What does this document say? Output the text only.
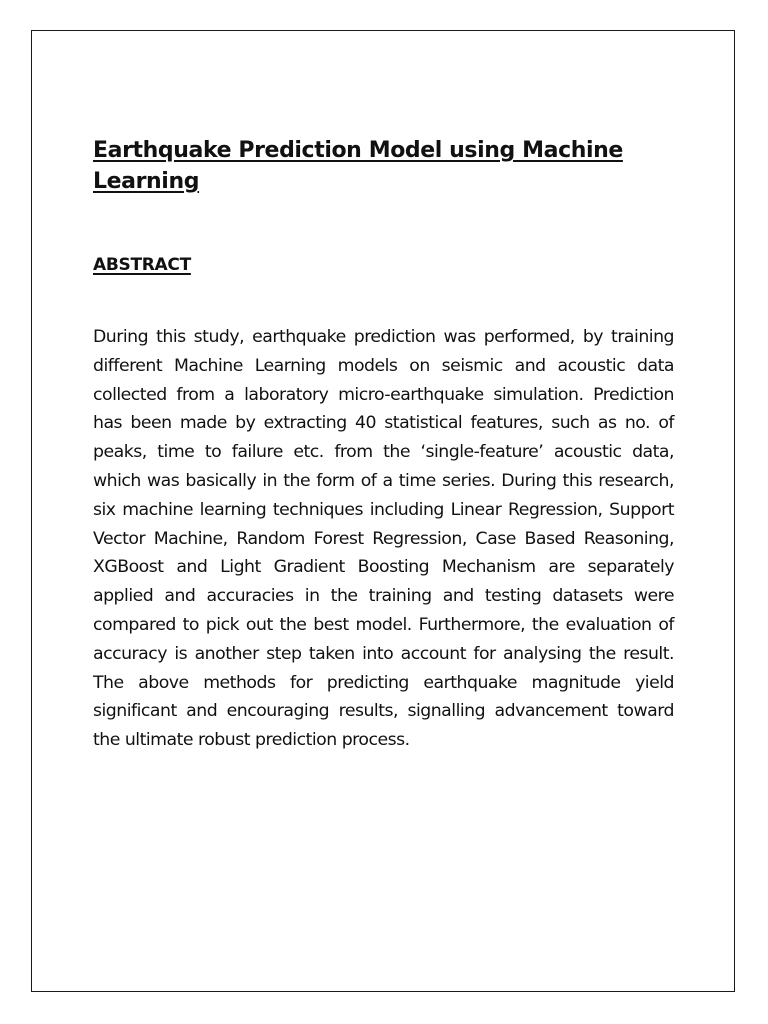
Earthquake Prediction Model using Machine Learning
ABSTRACT

During this study, earthquake prediction was performed, by training different Machine Learning models on seismic and acoustic data collected from a laboratory micro-earthquake simulation. Prediction has been made by extracting 40 statistical features, such as no. of peaks, time to failure etc. from the ‘single-feature’ acoustic data, which was basically in the form of a time series. During this research, six machine learning techniques including Linear Regression, Support Vector Machine, Random Forest Regression, Case Based Reasoning, XGBoost and Light Gradient Boosting Mechanism are separately applied and accuracies in the training and testing datasets were compared to pick out the best model. Furthermore, the evaluation of accuracy is another step taken into account for analysing the result. The above methods for predicting earthquake magnitude yield significant and encouraging results, signalling advancement toward the ultimate robust prediction process.
